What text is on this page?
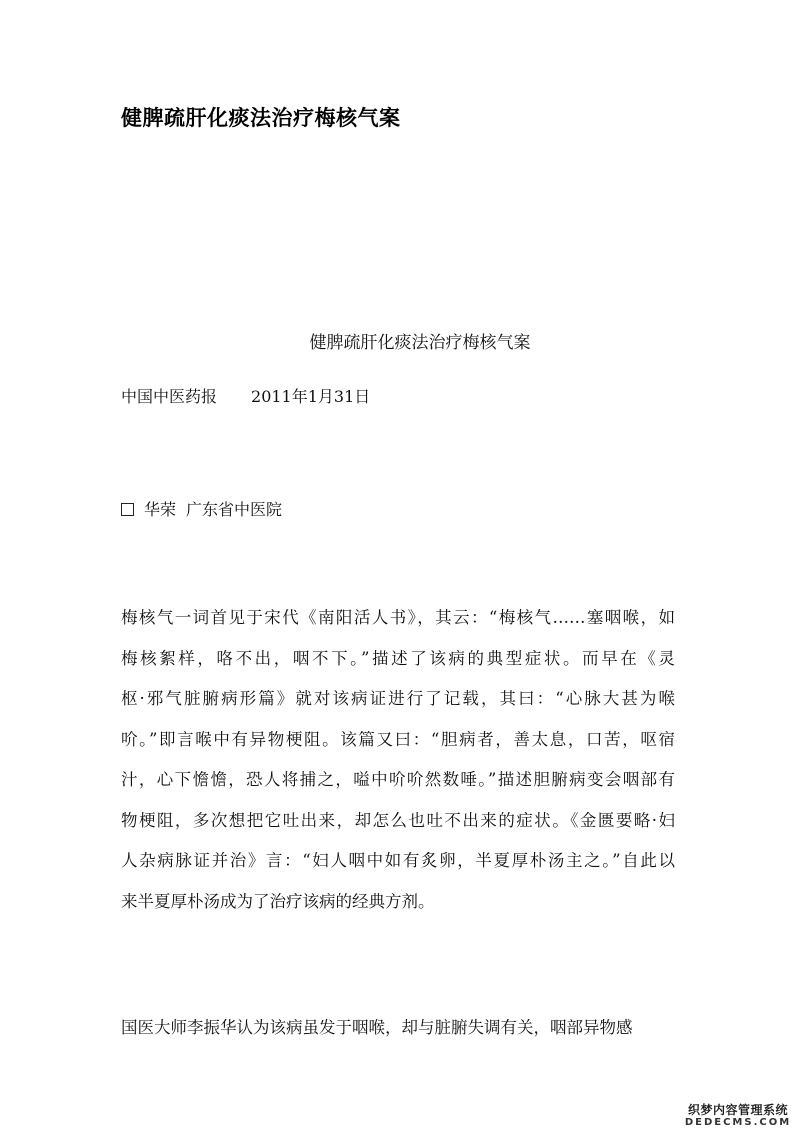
健脾疏肝化痰法治疗梅核气案
健脾疏肝化痰法治疗梅核气案
中国中医药报 2011年1月31日
华荣 广东省中医院

梅核气一词首见于宋代《南阳活人书》，其云：“梅核气……塞咽喉，如
梅核絮样，咯不出，咽不下。”描述了该病的典型症状。而早在《灵
枢·邪气脏腑病形篇》就对该病证进行了记载，其曰：“心脉大甚为喉
吤。”即言喉中有异物梗阻。该篇又曰：“胆病者，善太息，口苦，呕宿
汁，心下憺憺，恐人将捕之，嗌中吤吤然数唾。”描述胆腑病变会咽部有
物梗阻，多次想把它吐出来，却怎么也吐不出来的症状。《金匮要略·妇
人杂病脉证并治》言：“妇人咽中如有炙卵，半夏厚朴汤主之。”自此以
来半夏厚朴汤成为了治疗该病的经典方剂。

国医大师李振华认为该病虽发于咽喉，却与脏腑失调有关，咽部异物感

织梦内容管理系统
DEDECMS.COM
